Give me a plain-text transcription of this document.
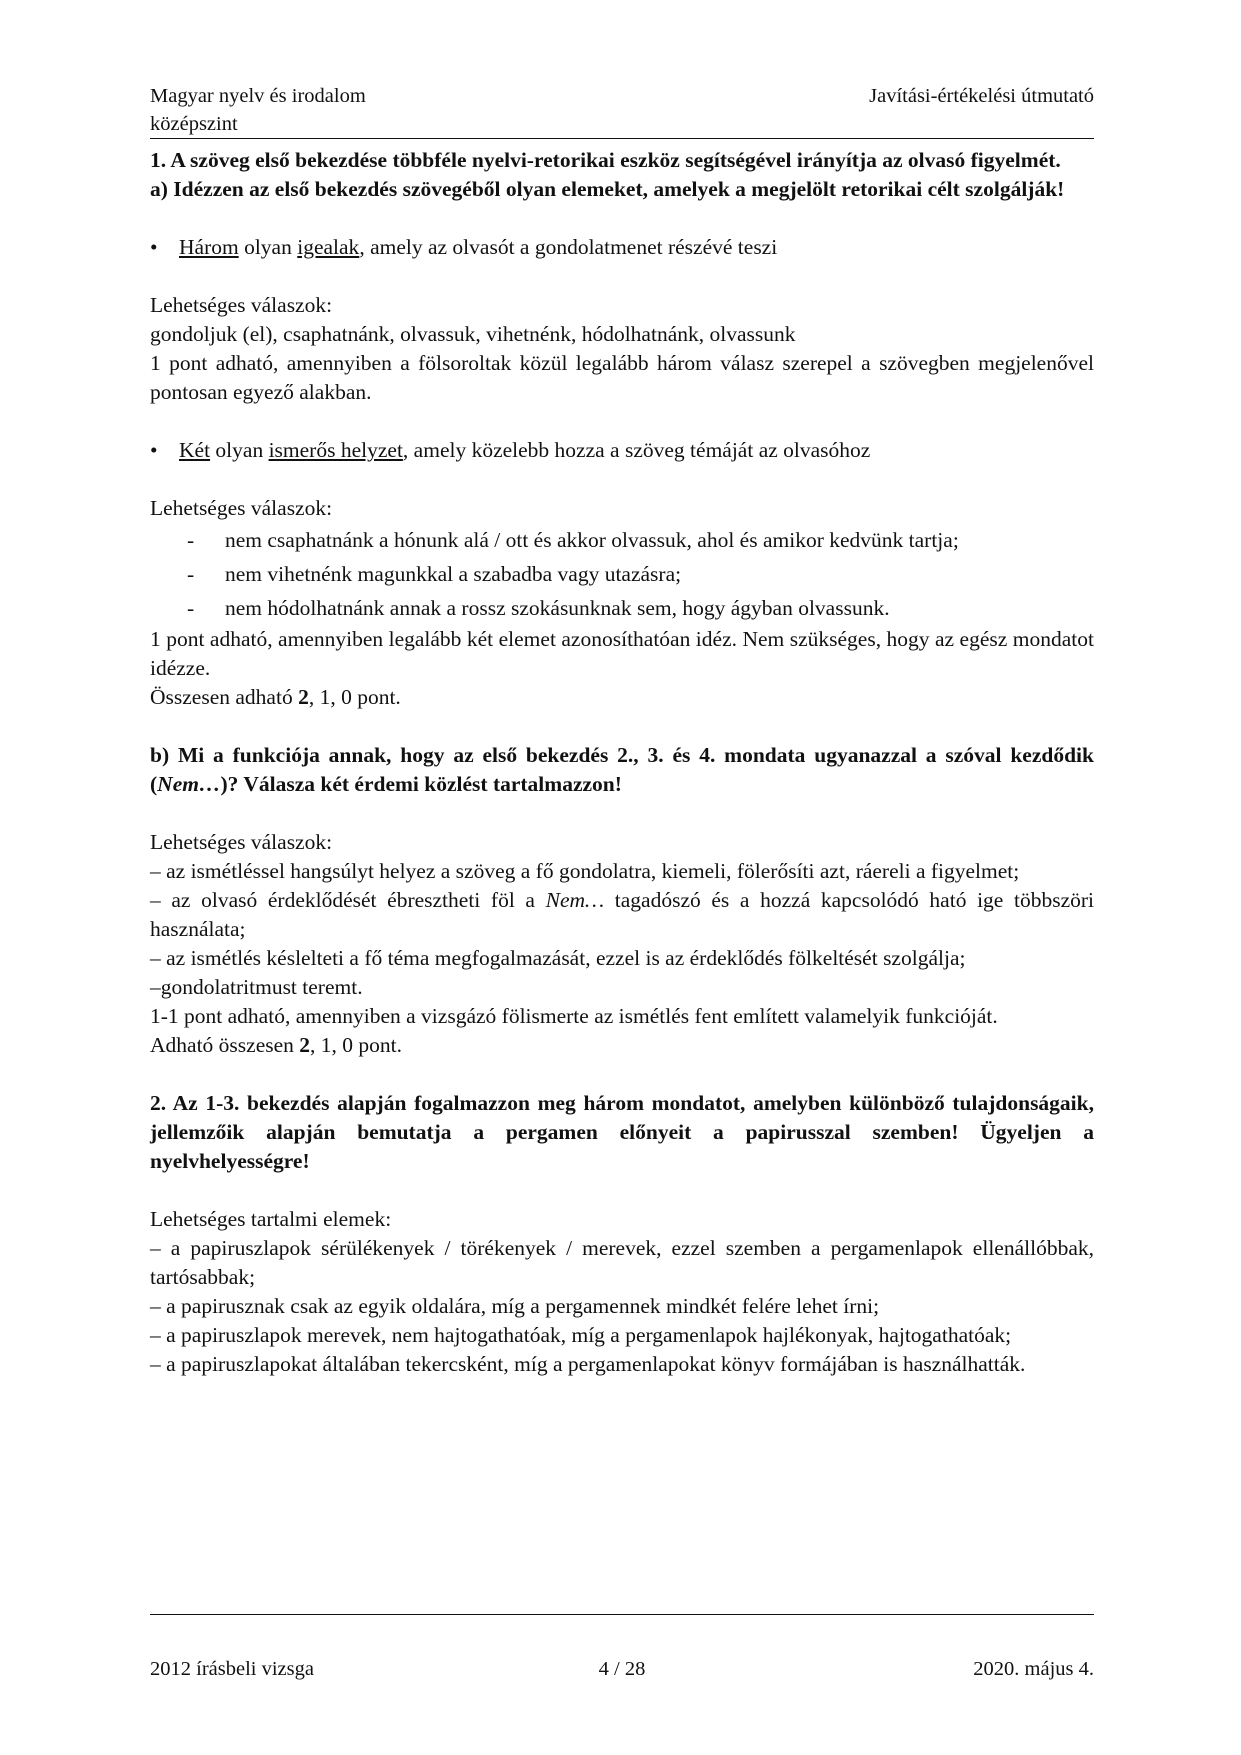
Magyar nyelv és irodalom
középszint
Javítási-értékelési útmutató

1. A szöveg első bekezdése többféle nyelvi-retorikai eszköz segítségével irányítja az olvasó figyelmét.

a) Idézzen az első bekezdés szövegéből olyan elemeket, amelyek a megjelölt retorikai célt szolgálják!

• Három olyan igealak, amely az olvasót a gondolatmenet részévé teszi

Lehetséges válaszok:

gondoljuk (el), csaphatnánk, olvassuk, vihetnénk, hódolhatnánk, olvassunk

1 pont adható, amennyiben a fölsoroltak közül legalább három válasz szerepel a szövegben megjelenővel pontosan egyező alakban.

• Két olyan ismerős helyzet, amely közelebb hozza a szöveg témáját az olvasóhoz

Lehetséges válaszok:

- nem csaphatnánk a hónunk alá / ott és akkor olvassuk, ahol és amikor kedvünk tartja;

- nem vihetnénk magunkkal a szabadba vagy utazásra;

- nem hódolhatnánk annak a rossz szokásunknak sem, hogy ágyban olvassunk.

1 pont adható, amennyiben legalább két elemet azonosíthatóan idéz. Nem szükséges, hogy az egész mondatot idézze.

Összesen adható 2, 1, 0 pont.

b) Mi a funkciója annak, hogy az első bekezdés 2., 3. és 4. mondata ugyanazzal a szóval kezdődik (Nem…)? Válasza két érdemi közlést tartalmazzon!

Lehetséges válaszok:

– az ismétléssel hangsúlyt helyez a szöveg a fő gondolatra, kiemeli, fölerősíti azt, ráereli a figyelmet;

– az olvasó érdeklődését ébresztheti föl a Nem… tagadószó és a hozzá kapcsolódó ható ige többszöri használata;

– az ismétlés késlelteti a fő téma megfogalmazását, ezzel is az érdeklődés fölkeltését szolgálja;

–gondolatritmust teremt.

1-1 pont adható, amennyiben a vizsgázó fölismerte az ismétlés fent említett valamelyik funkcióját.

Adható összesen 2, 1, 0 pont.

2. Az 1-3. bekezdés alapján fogalmazzon meg három mondatot, amelyben különböző tulajdonságaik, jellemzőik alapján bemutatja a pergamen előnyeit a papirusszal szemben! Ügyeljen a nyelvhelyességre!

Lehetséges tartalmi elemek:

– a papiruszlapok sérülékenyek / törékenyek / merevek, ezzel szemben a pergamenlapok ellenállóbbak, tartósabbak;

– a papirusznak csak az egyik oldalára, míg a pergamennek mindkét felére lehet írni;

– a papiruszlapok merevek, nem hajtogathatóak, míg a pergamenlapok hajlékonyak, hajtogathatóak;

– a papiruszlapokat általában tekercsként, míg a pergamenlapokat könyv formájában is használhatták.

2012 írásbeli vizsga	4 / 28	2020. május 4.
